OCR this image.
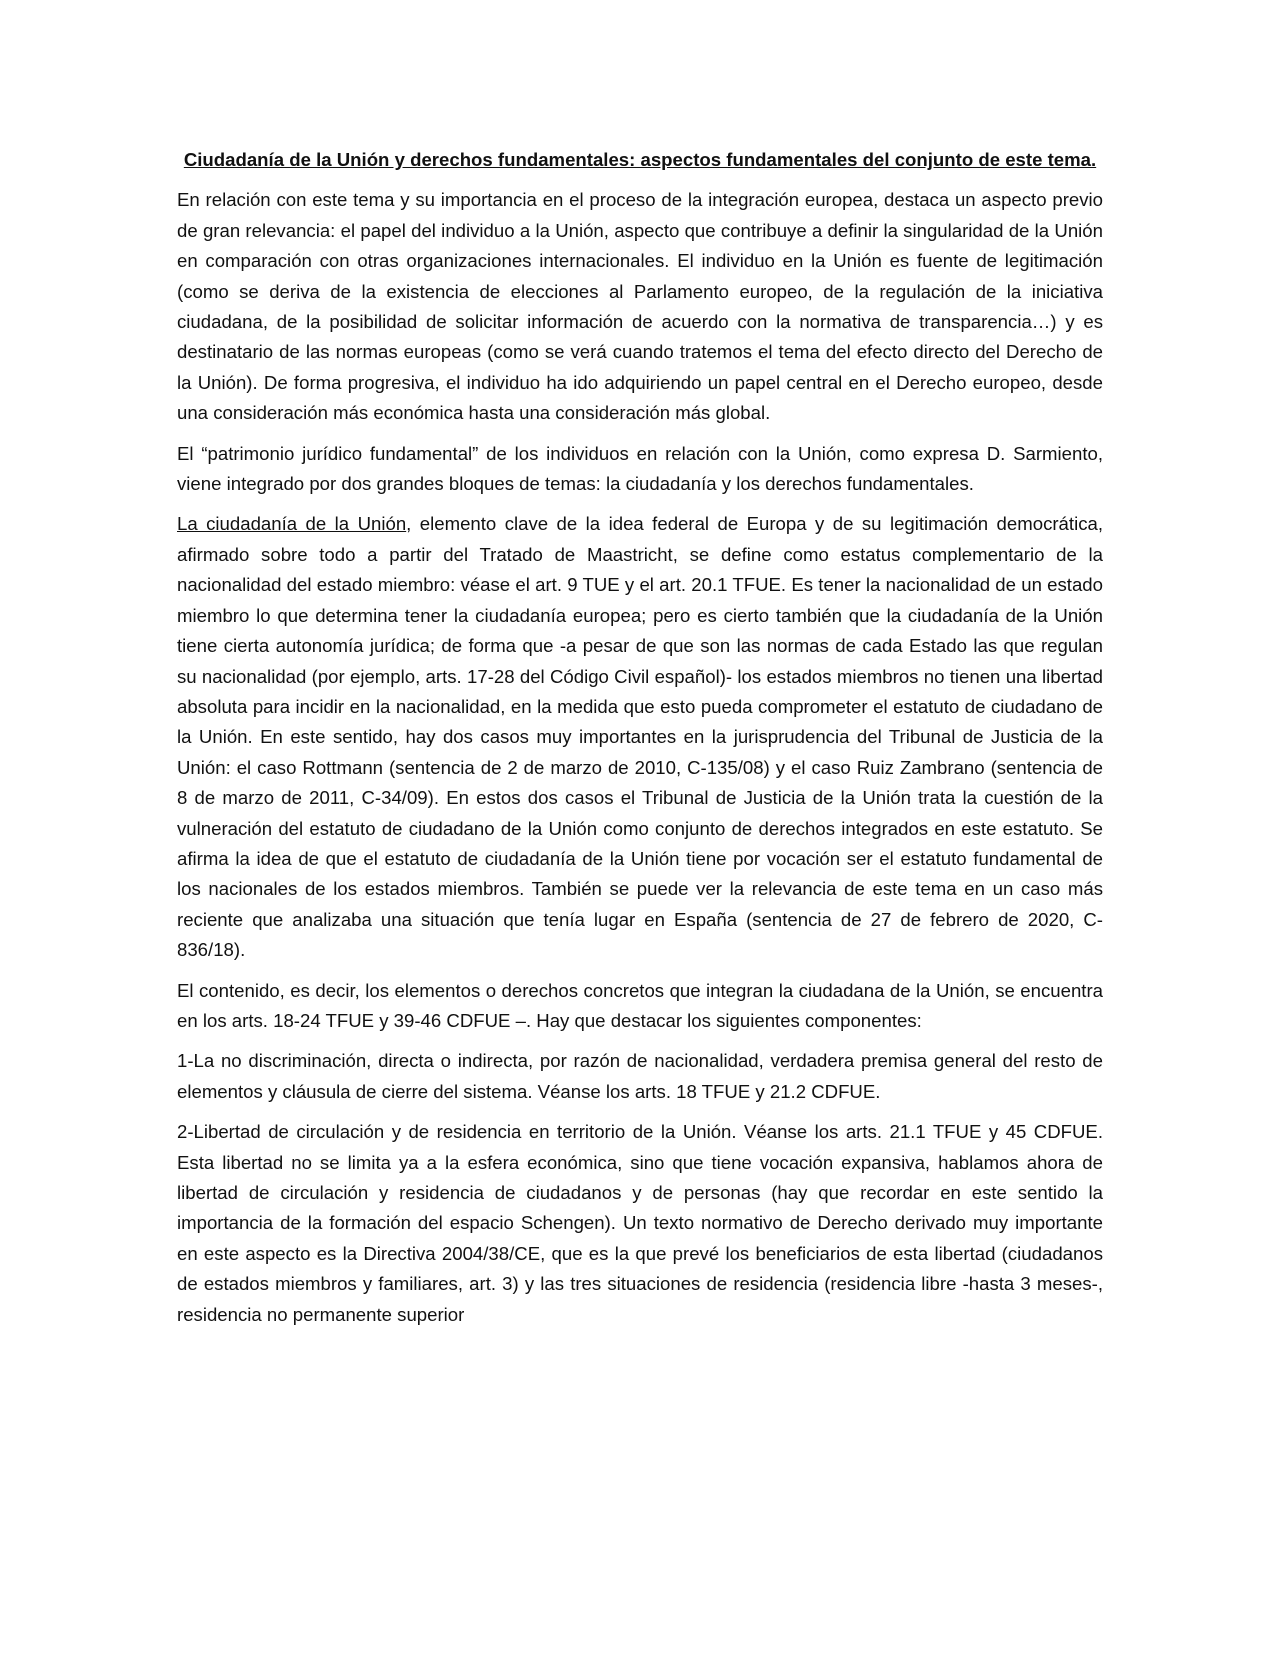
Ciudadanía de la Unión y derechos fundamentales: aspectos fundamentales del conjunto de este tema.

En relación con este tema y su importancia en el proceso de la integración europea, destaca un aspecto previo de gran relevancia: el papel del individuo a la Unión, aspecto que contribuye a definir la singularidad de la Unión en comparación con otras organizaciones internacionales. El individuo en la Unión es fuente de legitimación (como se deriva de la existencia de elecciones al Parlamento europeo, de la regulación de la iniciativa ciudadana, de la posibilidad de solicitar información de acuerdo con la normativa de transparencia…) y es destinatario de las normas europeas (como se verá cuando tratemos el tema del efecto directo del Derecho de la Unión). De forma progresiva, el individuo ha ido adquiriendo un papel central en el Derecho europeo, desde una consideración más económica hasta una consideración más global.

El “patrimonio jurídico fundamental” de los individuos en relación con la Unión, como expresa D. Sarmiento, viene integrado por dos grandes bloques de temas: la ciudadanía y los derechos fundamentales.

La ciudadanía de la Unión, elemento clave de la idea federal de Europa y de su legitimación democrática, afirmado sobre todo a partir del Tratado de Maastricht, se define como estatus complementario de la nacionalidad del estado miembro: véase el art. 9 TUE y el art. 20.1 TFUE. Es tener la nacionalidad de un estado miembro lo que determina tener la ciudadanía europea; pero es cierto también que la ciudadanía de la Unión tiene cierta autonomía jurídica; de forma que -a pesar de que son las normas de cada Estado las que regulan su nacionalidad (por ejemplo, arts. 17-28 del Código Civil español)- los estados miembros no tienen una libertad absoluta para incidir en la nacionalidad, en la medida que esto pueda comprometer el estatuto de ciudadano de la Unión. En este sentido, hay dos casos muy importantes en la jurisprudencia del Tribunal de Justicia de la Unión: el caso Rottmann (sentencia de 2 de marzo de 2010, C-135/08) y el caso Ruiz Zambrano (sentencia de 8 de marzo de 2011, C-34/09). En estos dos casos el Tribunal de Justicia de la Unión trata la cuestión de la vulneración del estatuto de ciudadano de la Unión como conjunto de derechos integrados en este estatuto. Se afirma la idea de que el estatuto de ciudadanía de la Unión tiene por vocación ser el estatuto fundamental de los nacionales de los estados miembros. También se puede ver la relevancia de este tema en un caso más reciente que analizaba una situación que tenía lugar en España (sentencia de 27 de febrero de 2020, C-836/18).

El contenido, es decir, los elementos o derechos concretos que integran la ciudadana de la Unión, se encuentra en los arts. 18-24 TFUE y 39-46 CDFUE –. Hay que destacar los siguientes componentes:

1-La no discriminación, directa o indirecta, por razón de nacionalidad, verdadera premisa general del resto de elementos y cláusula de cierre del sistema. Véanse los arts. 18 TFUE y 21.2 CDFUE.

2-Libertad de circulación y de residencia en territorio de la Unión. Véanse los arts. 21.1 TFUE y 45 CDFUE. Esta libertad no se limita ya a la esfera económica, sino que tiene vocación expansiva, hablamos ahora de libertad de circulación y residencia de ciudadanos y de personas (hay que recordar en este sentido la importancia de la formación del espacio Schengen). Un texto normativo de Derecho derivado muy importante en este aspecto es la Directiva 2004/38/CE, que es la que prevé los beneficiarios de esta libertad (ciudadanos de estados miembros y familiares, art. 3) y las tres situaciones de residencia (residencia libre -hasta 3 meses-, residencia no permanente superior
